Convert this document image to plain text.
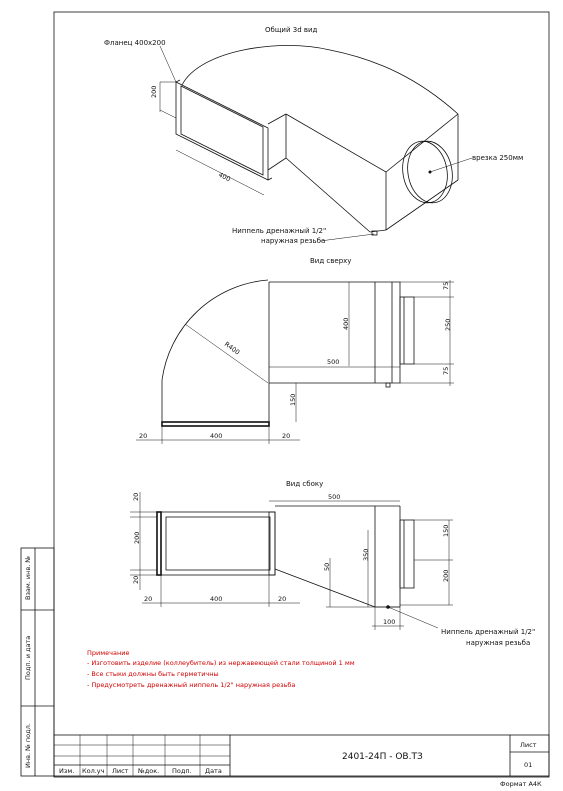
Общий 3d вид
200
400
Фланец 400х200
врезка 250мм
Ниппель дренажный 1/2"
наружная резьба
Вид сверху
R400
400
500
150
20	400	20
75
250
75
Вид сбоку
500
20
200
20
50
350
150
200
20	400	20
100
Ниппель дренажный 1/2"
наружная резьба
Примечание
- Изготовить изделие (коллеубитель) из нержавеющей стали толщиной 1 мм
- Все стыки должны быть герметичны
- Предусмотреть дренажный ниппель 1/2" наружная резьба
Взам. инв. №
Подп. и дата
Инв. № подл.
Изм. Кол.уч Лист №док. Подп. Дата
2401-24П - ОВ.ТЗ
Лист
01
Формат А4К
